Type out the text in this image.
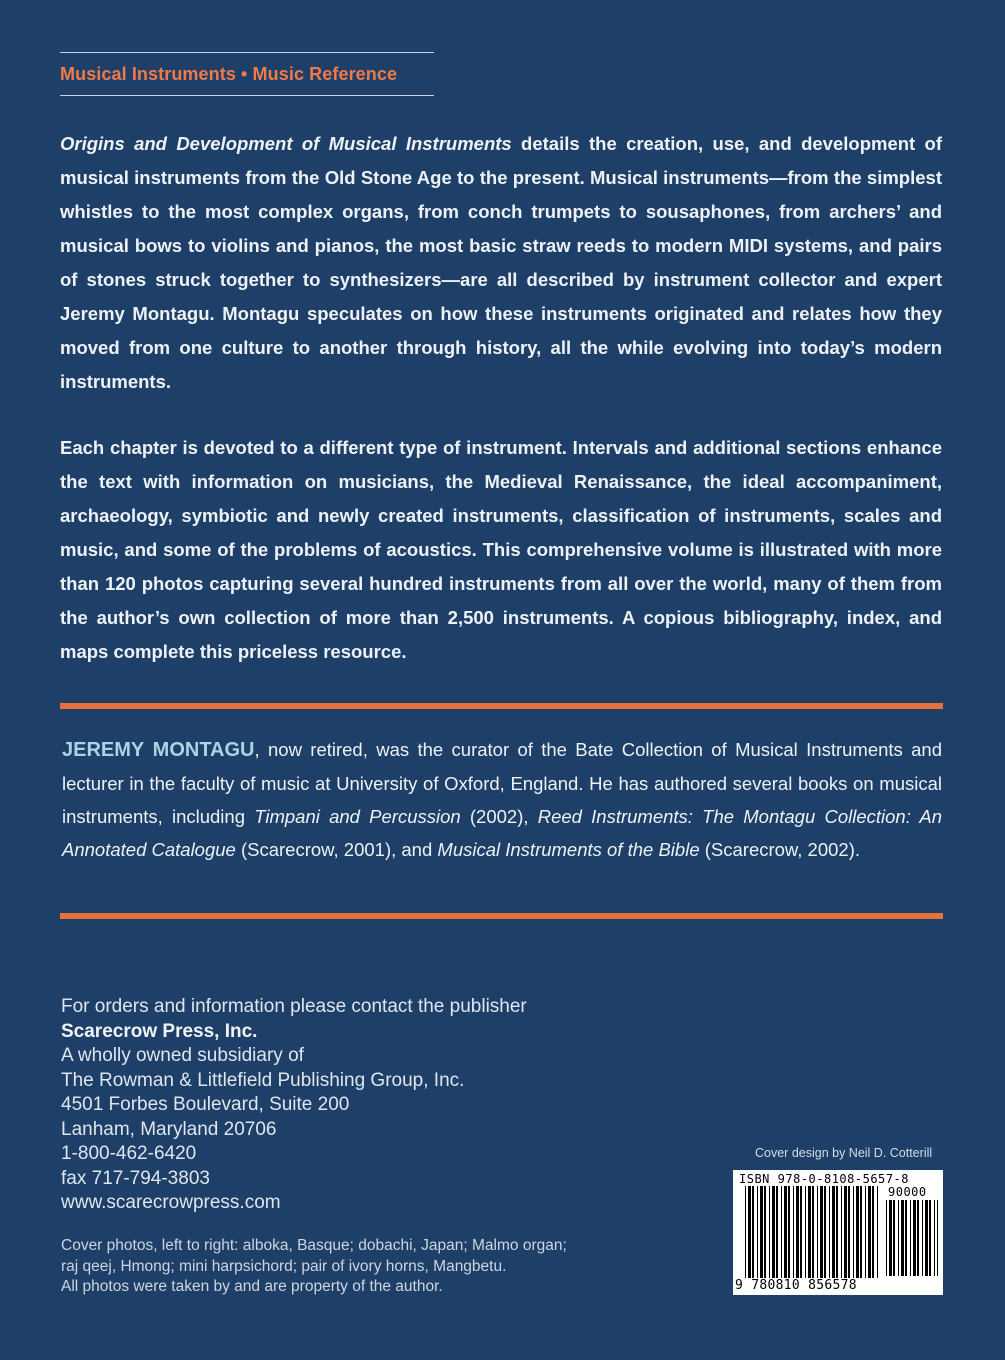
Musical Instruments • Music Reference

Origins and Development of Musical Instruments details the creation, use, and development of musical instruments from the Old Stone Age to the present. Musical instruments—from the simplest whistles to the most complex organs, from conch trumpets to sousaphones, from archers’ and musical bows to violins and pianos, the most basic straw reeds to modern MIDI systems, and pairs of stones struck together to synthesizers—are all described by instrument collector and expert Jeremy Montagu. Montagu speculates on how these instruments originated and relates how they moved from one culture to another through history, all the while evolving into today’s modern instruments.

Each chapter is devoted to a different type of instrument. Intervals and additional sections enhance the text with information on musicians, the Medieval Renaissance, the ideal accompaniment, archaeology, symbiotic and newly created instruments, classification of instruments, scales and music, and some of the problems of acoustics. This comprehensive volume is illustrated with more than 120 photos capturing several hundred instruments from all over the world, many of them from the author’s own collection of more than 2,500 instruments. A copious bibliography, index, and maps complete this priceless resource.

JEREMY MONTAGU, now retired, was the curator of the Bate Collection of Musical Instruments and lecturer in the faculty of music at University of Oxford, England. He has authored several books on musical instruments, including Timpani and Percussion (2002), Reed Instruments: The Montagu Collection: An Annotated Catalogue (Scarecrow, 2001), and Musical Instruments of the Bible (Scarecrow, 2002).
For orders and information please contact the publisher
Scarecrow Press, Inc.
A wholly owned subsidiary of
The Rowman & Littlefield Publishing Group, Inc.
4501 Forbes Boulevard, Suite 200
Lanham, Maryland 20706
1-800-462-6420
fax 717-794-3803
www.scarecrowpress.com
Cover photos, left to right: alboka, Basque; dobachi, Japan; Malmo organ;
raj qeej, Hmong; mini harpsichord; pair of ivory horns, Mangbetu.
All photos were taken by and are property of the author.
Cover design by Neil D. Cotterill
ISBN 978-0-8108-5657-8
90000
9 780810 856578
